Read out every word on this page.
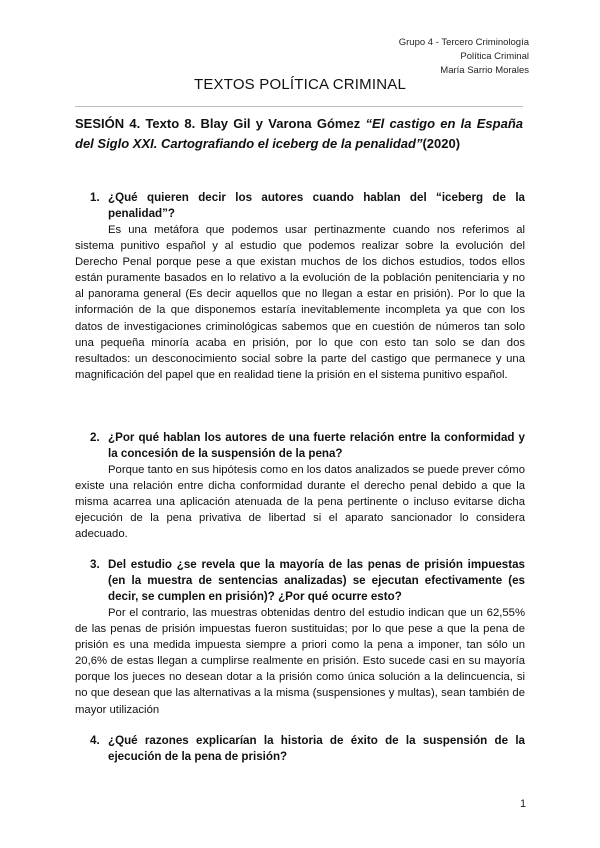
Grupo 4 - Tercero Criminología
Política Criminal
María Sarrio Morales
TEXTOS POLÍTICA CRIMINAL
SESIÓN 4. Texto 8. Blay Gil y Varona Gómez “El castigo en la España del Siglo XXI. Cartografiando el iceberg de la penalidad”(2020)
1. ¿Qué quieren decir los autores cuando hablan del “iceberg de la penalidad”?
Es una metáfora que podemos usar pertinazmente cuando nos referimos al sistema punitivo español y al estudio que podemos realizar sobre la evolución del Derecho Penal porque pese a que existan muchos de los dichos estudios, todos ellos están puramente basados en lo relativo a la evolución de la población penitenciaria y no al panorama general (Es decir aquellos que no llegan a estar en prisión). Por lo que la información de la que disponemos estaría inevitablemente incompleta ya que con los datos de investigaciones criminológicas sabemos que en cuestión de números tan solo una pequeña minoría acaba en prisión, por lo que con esto tan solo se dan dos resultados: un desconocimiento social sobre la parte del castigo que permanece y una magnificación del papel que en realidad tiene la prisión en el sistema punitivo español.
2. ¿Por qué hablan los autores de una fuerte relación entre la conformidad y la concesión de la suspensión de la pena?
Porque tanto en sus hipótesis como en los datos analizados se puede prever cómo existe una relación entre dicha conformidad durante el derecho penal debido a que la misma acarrea una aplicación atenuada de la pena pertinente o incluso evitarse dicha ejecución de la pena privativa de libertad si el aparato sancionador lo considera adecuado.
3. Del estudio ¿se revela que la mayoría de las penas de prisión impuestas (en la muestra de sentencias analizadas) se ejecutan efectivamente (es decir, se cumplen en prisión)? ¿Por qué ocurre esto?
Por el contrario, las muestras obtenidas dentro del estudio indican que un 62,55% de las penas de prisión impuestas fueron sustituidas; por lo que pese a que la pena de prisión es una medida impuesta siempre a priori como la pena a imponer, tan sólo un 20,6% de estas llegan a cumplirse realmente en prisión. Esto sucede casi en su mayoría porque los jueces no desean dotar a la prisión como única solución a la delincuencia, si no que desean que las alternativas a la misma (suspensiones y multas), sean también de mayor utilización
4. ¿Qué razones explicarían la historia de éxito de la suspensión de la ejecución de la pena de prisión?
1
